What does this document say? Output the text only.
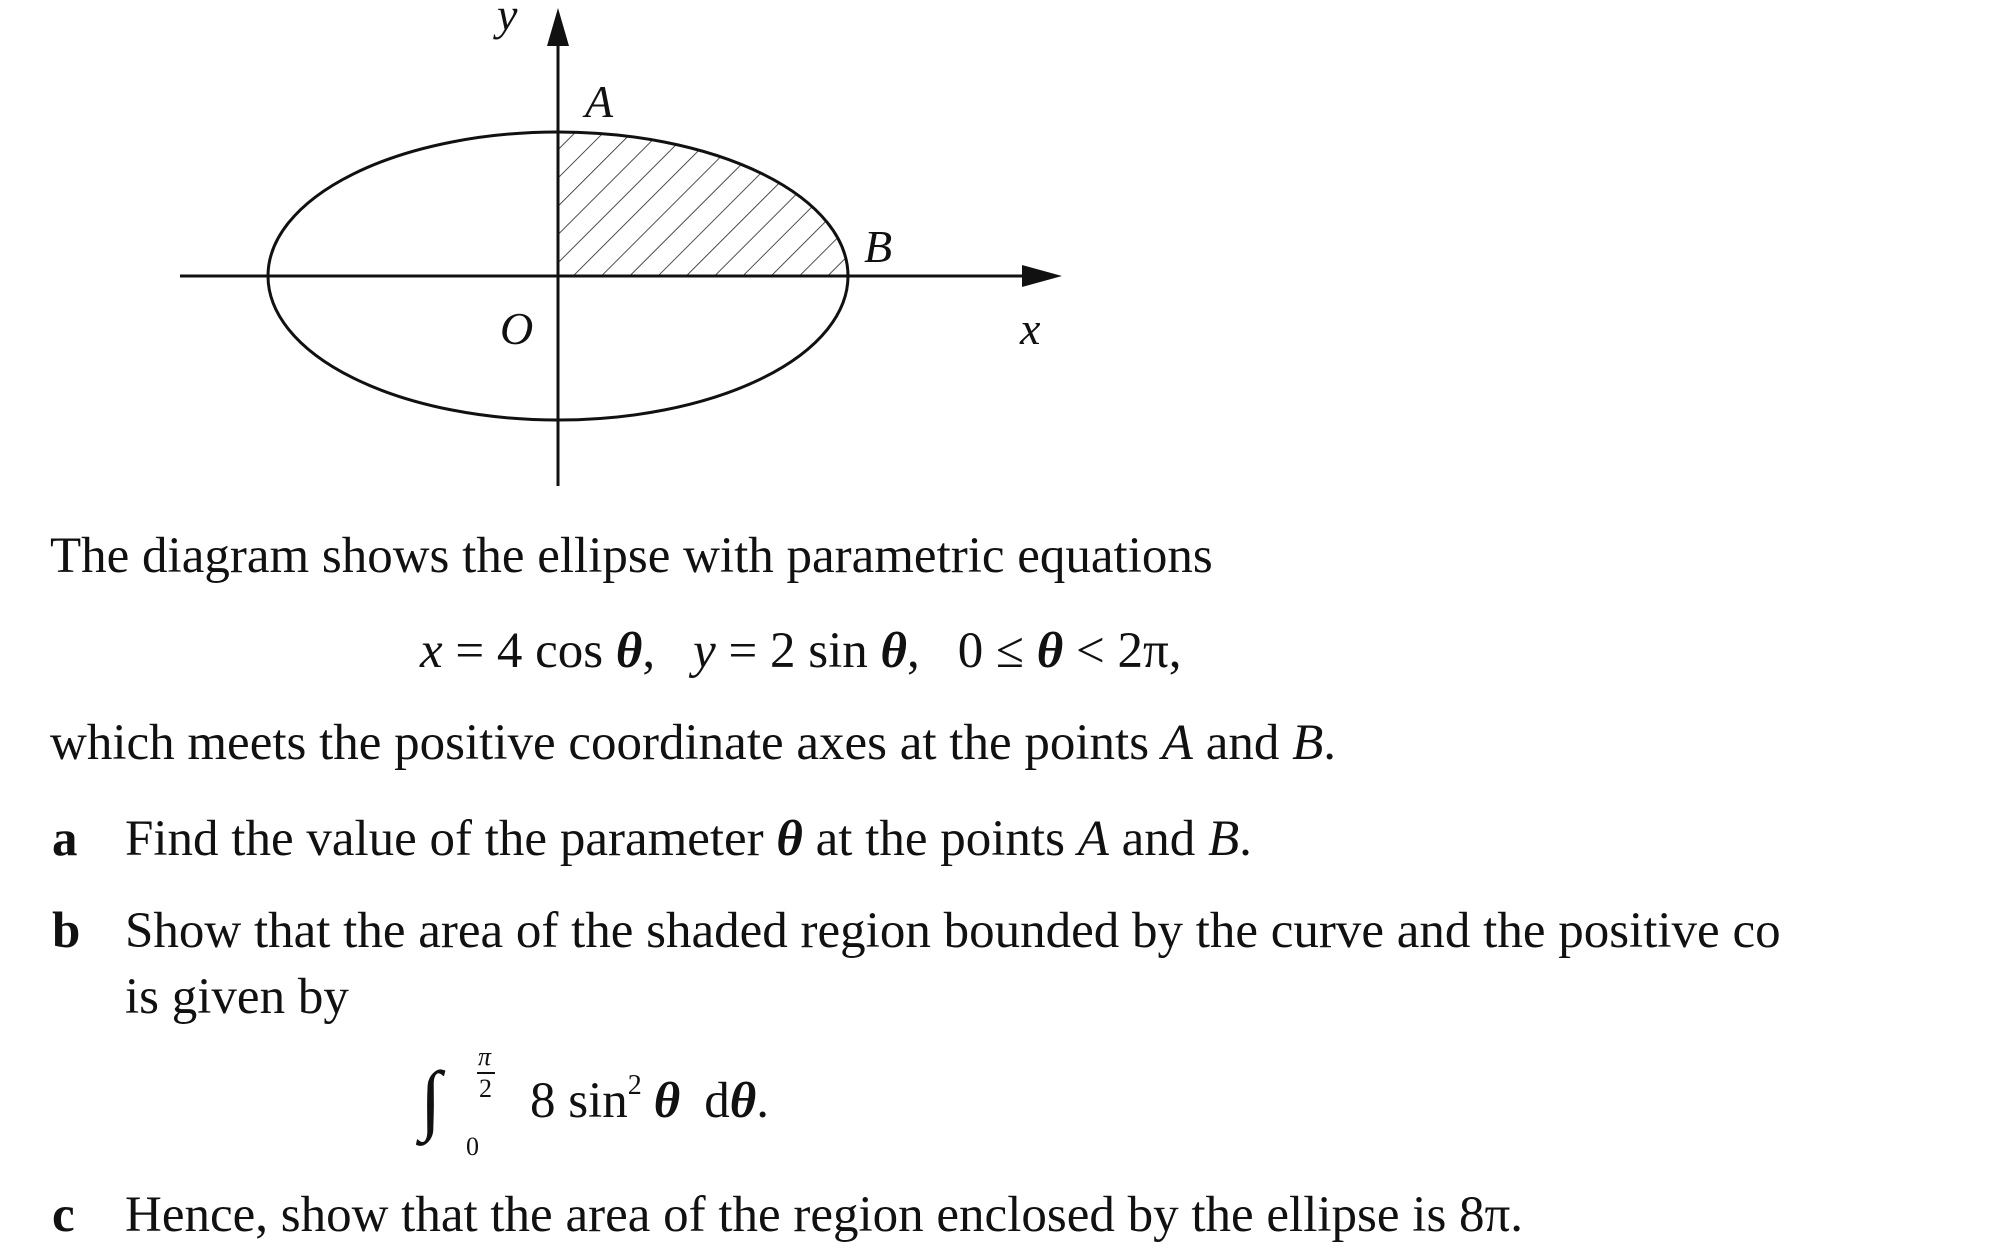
y
A
B
O	x
The diagram shows the ellipse with parametric equations
x = 4 cos θ, y = 2 sin θ, 0 ≤ θ < 2π,
which meets the positive coordinate axes at the points A and B.
a Find the value of the parameter θ at the points A and B.
b Show that the area of the shaded region bounded by the curve and the positive co
is given by
∫ π
2
0
8 $\sin^2 \theta$ dθ.
c Hence, show that the area of the region enclosed by the ellipse is 8π.
